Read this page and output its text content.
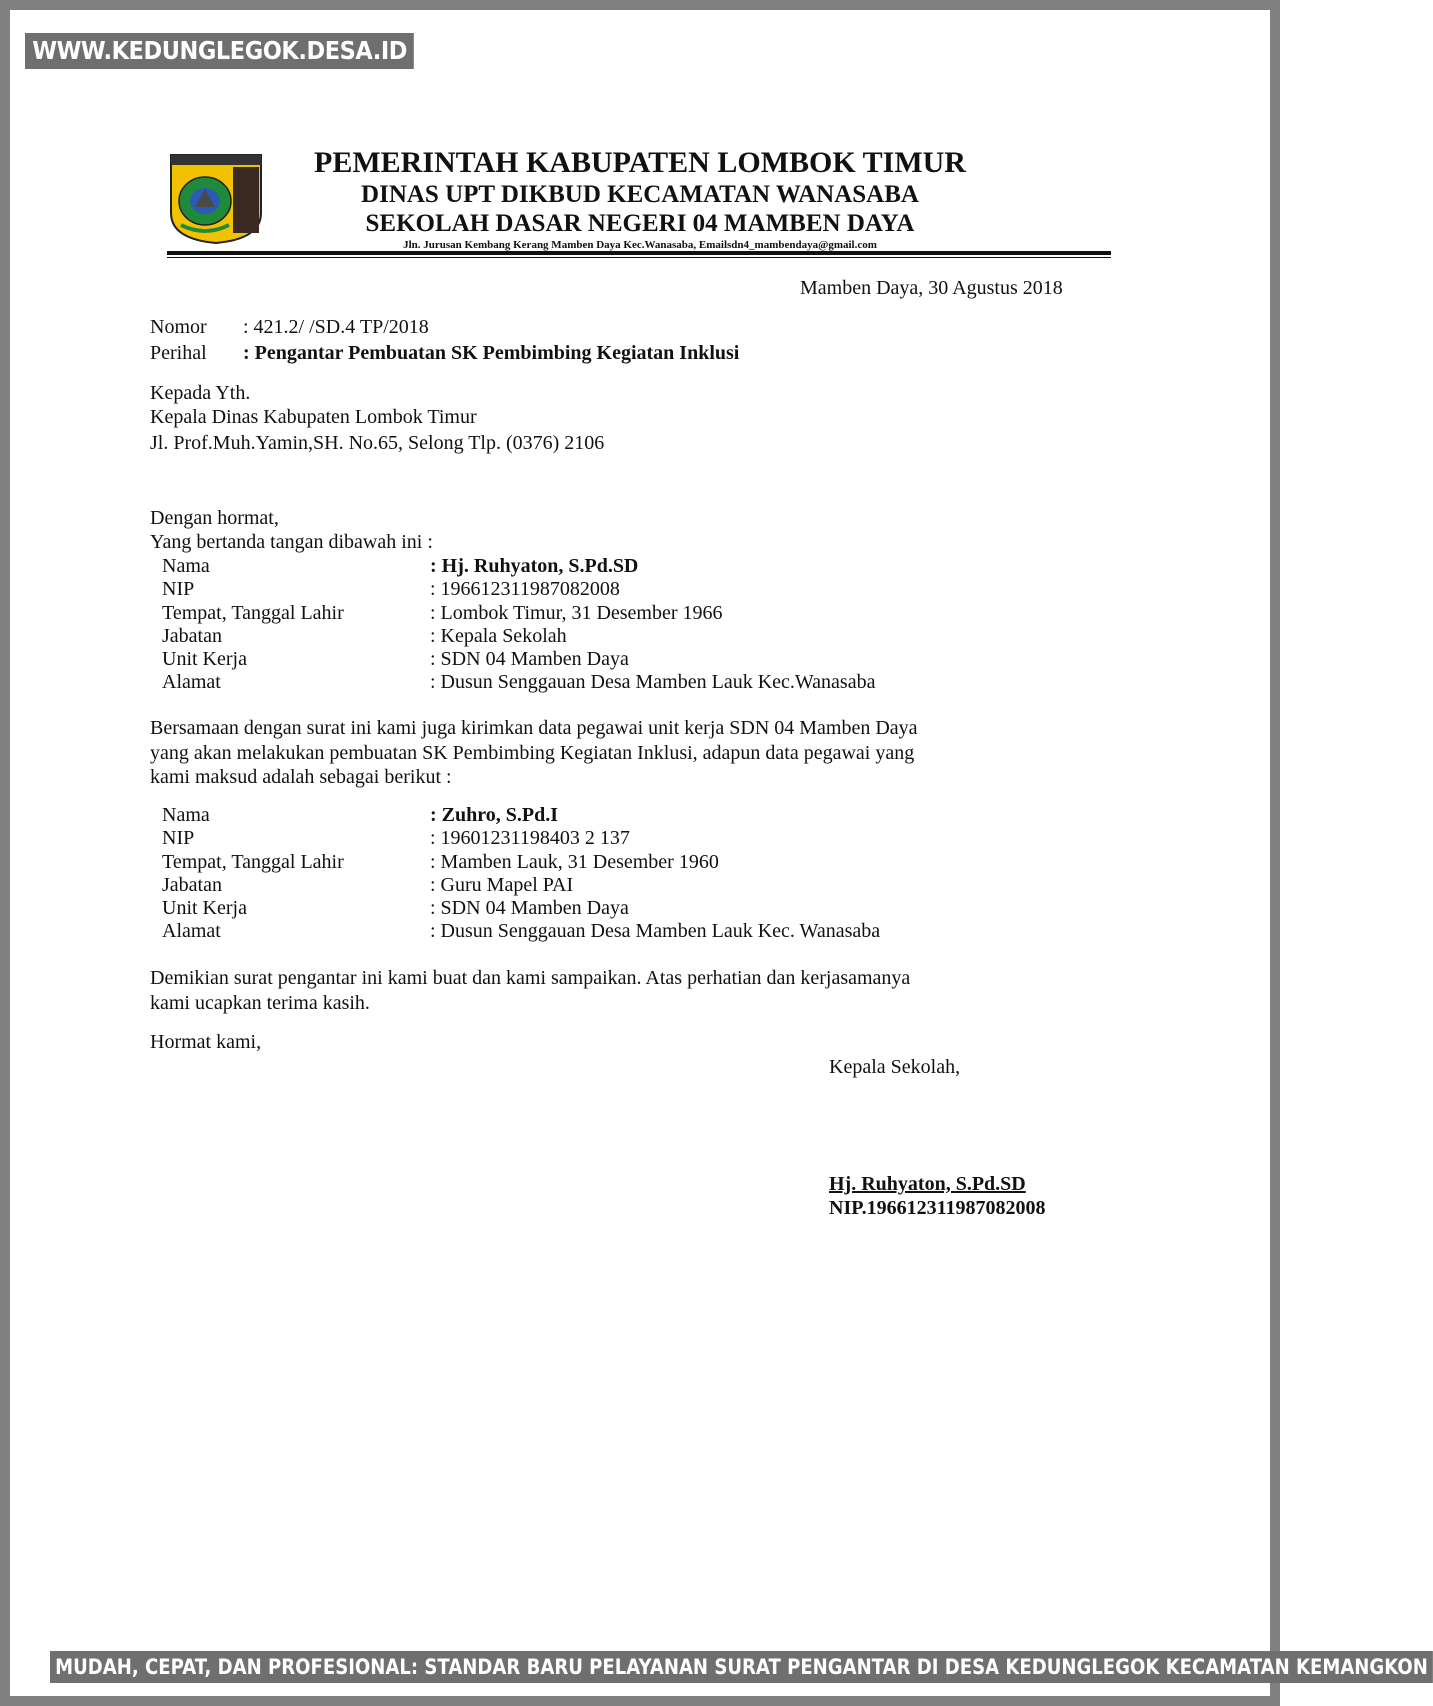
WWW.KEDUNGLEGOK.DESA.ID
PEMERINTAH KABUPATEN LOMBOK TIMUR
DINAS UPT DIKBUD KECAMATAN WANASABA
SEKOLAH DASAR NEGERI 04 MAMBEN DAYA
Jln. Jurusan Kembang Kerang Mamben Daya Kec.Wanasaba, Emailsdn4_mambendaya@gmail.com
Mamben Daya, 30 Agustus 2018
Nomor : 421.2/ /SD.4 TP/2018
Perihal : Pengantar Pembuatan SK Pembimbing Kegiatan Inklusi
Kepada Yth.
Kepala Dinas Kabupaten Lombok Timur
Jl. Prof.Muh.Yamin,SH. No.65, Selong Tlp. (0376) 2106
Dengan hormat,
Yang bertanda tangan dibawah ini :
Nama	: Hj. Ruhyaton, S.Pd.SD
NIP	: 196612311987082008
Tempat, Tanggal Lahir	: Lombok Timur, 31 Desember 1966
Jabatan	: Kepala Sekolah
Unit Kerja	: SDN 04 Mamben Daya
Alamat	: Dusun Senggauan Desa Mamben Lauk Kec.Wanasaba
Bersamaan dengan surat ini kami juga kirimkan data pegawai unit kerja SDN 04 Mamben Daya
yang akan melakukan pembuatan SK Pembimbing Kegiatan Inklusi, adapun data pegawai yang
kami maksud adalah sebagai berikut :
Nama	: Zuhro, S.Pd.I
NIP	: 19601231198403 2 137
Tempat, Tanggal Lahir	: Mamben Lauk, 31 Desember 1960
Jabatan	: Guru Mapel PAI
Unit Kerja	: SDN 04 Mamben Daya
Alamat	: Dusun Senggauan Desa Mamben Lauk Kec. Wanasaba
Demikian surat pengantar ini kami buat dan kami sampaikan. Atas perhatian dan kerjasamanya
kami ucapkan terima kasih.
Hormat kami,
Kepala Sekolah,
Hj. Ruhyaton, S.Pd.SD
NIP.196612311987082008
MUDAH, CEPAT, DAN PROFESIONAL: STANDAR BARU PELAYANAN SURAT PENGANTAR DI DESA KEDUNGLEGOK KECAMATAN KEMANGKON
